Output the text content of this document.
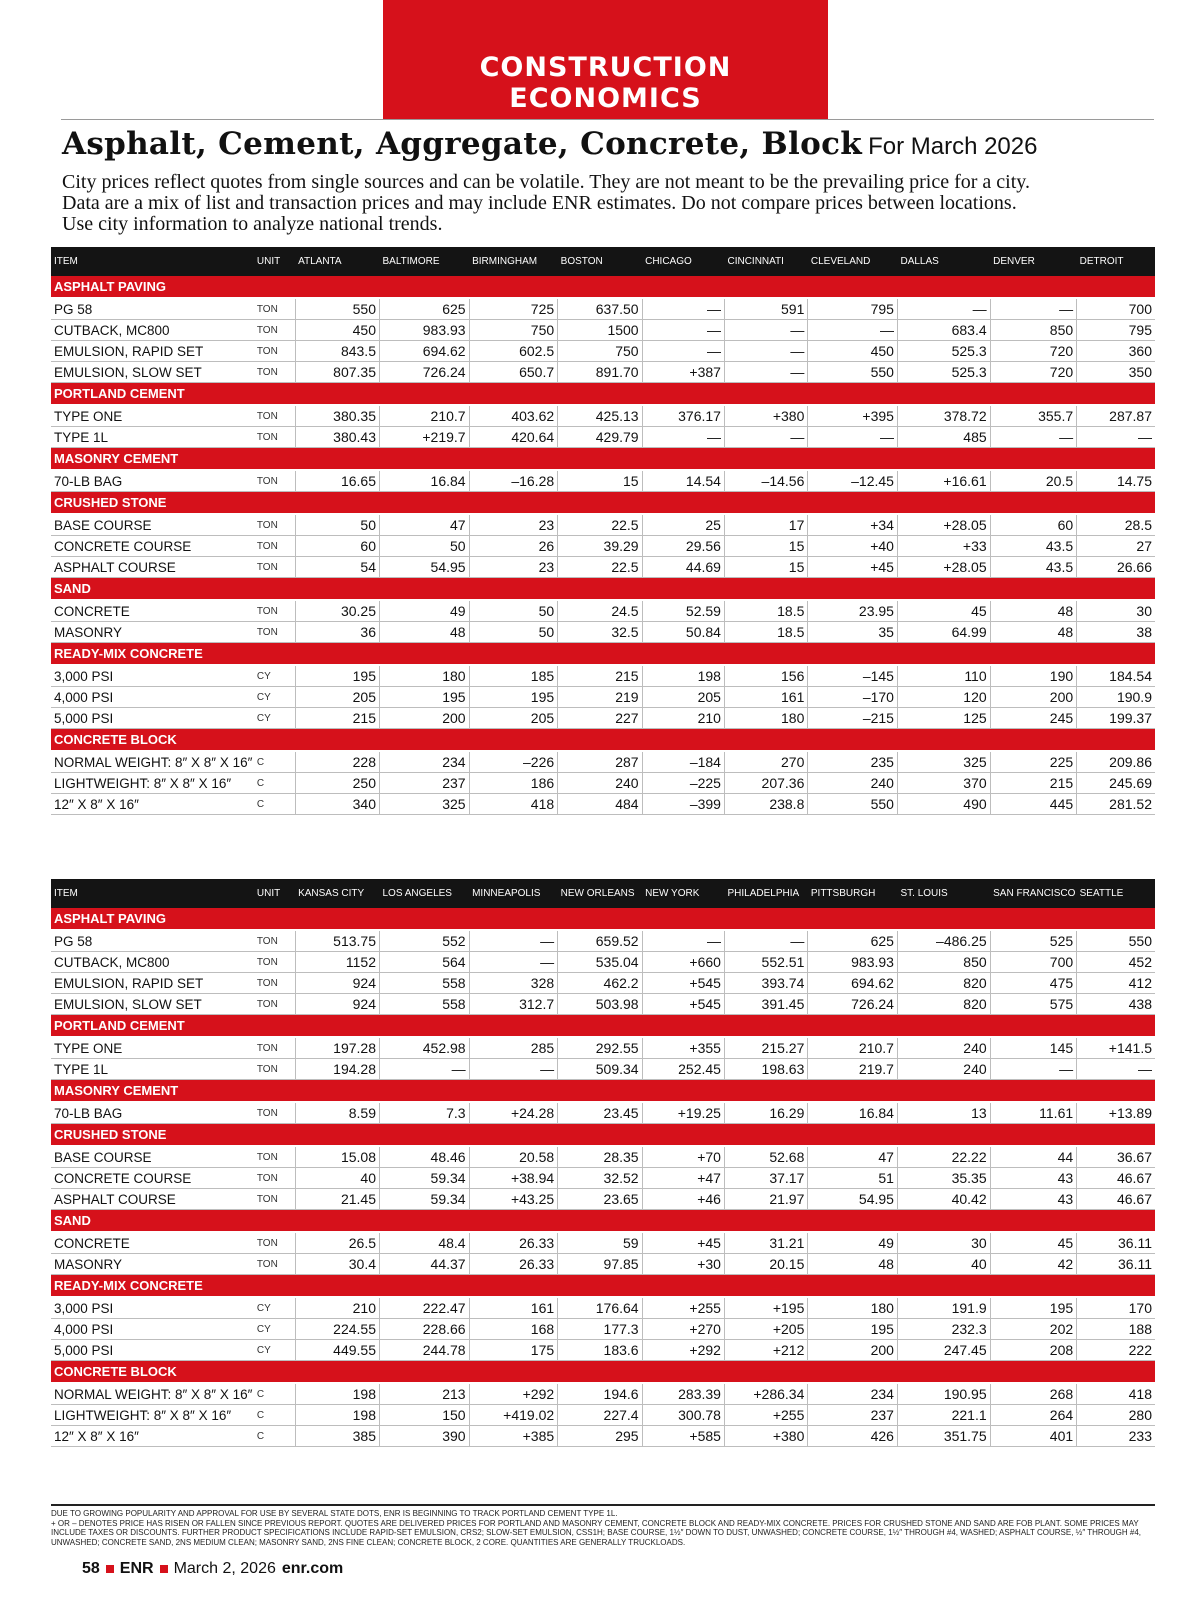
CONSTRUCTION ECONOMICS
Asphalt, Cement, Aggregate, Concrete, Block For March 2026
City prices reflect quotes from single sources and can be volatile. They are not meant to be the prevailing price for a city.
Data are a mix of list and transaction prices and may include ENR estimates. Do not compare prices between locations.
Use city information to analyze national trends.
ITEM	UNIT	ATLANTA	BALTIMORE	BIRMINGHAM	BOSTON	CHICAGO	CINCINNATI	CLEVELAND	DALLAS	DENVER	DETROIT
ASPHALT PAVING											
PG 58	TON	550	625	725	637.50	—	591	795	—	—	700
CUTBACK, MC800	TON	450	983.93	750	1500	—	—	—	683.4	850	795
EMULSION, RAPID SET	TON	843.5	694.62	602.5	750	—	—	450	525.3	720	360
EMULSION, SLOW SET	TON	807.35	726.24	650.7	891.70	+387	—	550	525.3	720	350
PORTLAND CEMENT											
TYPE ONE	TON	380.35	210.7	403.62	425.13	376.17	+380	+395	378.72	355.7	287.87
TYPE 1L	TON	380.43	+219.7	420.64	429.79	—	—	—	485	—	—
MASONRY CEMENT											
70-LB BAG	TON	16.65	16.84	–16.28	15	14.54	–14.56	–12.45	+16.61	20.5	14.75
CRUSHED STONE											
BASE COURSE	TON	50	47	23	22.5	25	17	+34	+28.05	60	28.5
CONCRETE COURSE	TON	60	50	26	39.29	29.56	15	+40	+33	43.5	27
ASPHALT COURSE	TON	54	54.95	23	22.5	44.69	15	+45	+28.05	43.5	26.66
SAND											
CONCRETE	TON	30.25	49	50	24.5	52.59	18.5	23.95	45	48	30
MASONRY	TON	36	48	50	32.5	50.84	18.5	35	64.99	48	38
READY-MIX CONCRETE											
3,000 PSI	CY	195	180	185	215	198	156	–145	110	190	184.54
4,000 PSI	CY	205	195	195	219	205	161	–170	120	200	190.9
5,000 PSI	CY	215	200	205	227	210	180	–215	125	245	199.37
CONCRETE BLOCK											
NORMAL WEIGHT: 8″ X 8″ X 16″	C	228	234	–226	287	–184	270	235	325	225	209.86
LIGHTWEIGHT: 8″ X 8″ X 16″	C	250	237	186	240	–225	207.36	240	370	215	245.69
12″ X 8″ X 16″	C	340	325	418	484	–399	238.8	550	490	445	281.52
ITEM	UNIT	KANSAS CITY	LOS ANGELES	MINNEAPOLIS	NEW ORLEANS	NEW YORK	PHILADELPHIA	PITTSBURGH	ST. LOUIS	SAN FRANCISCO	SEATTLE
ASPHALT PAVING											
PG 58	TON	513.75	552	—	659.52	—	—	625	–486.25	525	550
CUTBACK, MC800	TON	1152	564	—	535.04	+660	552.51	983.93	850	700	452
EMULSION, RAPID SET	TON	924	558	328	462.2	+545	393.74	694.62	820	475	412
EMULSION, SLOW SET	TON	924	558	312.7	503.98	+545	391.45	726.24	820	575	438
PORTLAND CEMENT											
TYPE ONE	TON	197.28	452.98	285	292.55	+355	215.27	210.7	240	145	+141.5
TYPE 1L	TON	194.28	—	—	509.34	252.45	198.63	219.7	240	—	—
MASONRY CEMENT											
70-LB BAG	TON	8.59	7.3	+24.28	23.45	+19.25	16.29	16.84	13	11.61	+13.89
CRUSHED STONE											
BASE COURSE	TON	15.08	48.46	20.58	28.35	+70	52.68	47	22.22	44	36.67
CONCRETE COURSE	TON	40	59.34	+38.94	32.52	+47	37.17	51	35.35	43	46.67
ASPHALT COURSE	TON	21.45	59.34	+43.25	23.65	+46	21.97	54.95	40.42	43	46.67
SAND											
CONCRETE	TON	26.5	48.4	26.33	59	+45	31.21	49	30	45	36.11
MASONRY	TON	30.4	44.37	26.33	97.85	+30	20.15	48	40	42	36.11
READY-MIX CONCRETE											
3,000 PSI	CY	210	222.47	161	176.64	+255	+195	180	191.9	195	170
4,000 PSI	CY	224.55	228.66	168	177.3	+270	+205	195	232.3	202	188
5,000 PSI	CY	449.55	244.78	175	183.6	+292	+212	200	247.45	208	222
CONCRETE BLOCK											
NORMAL WEIGHT: 8″ X 8″ X 16″	C	198	213	+292	194.6	283.39	+286.34	234	190.95	268	418
LIGHTWEIGHT: 8″ X 8″ X 16″	C	198	150	+419.02	227.4	300.78	+255	237	221.1	264	280
12″ X 8″ X 16″	C	385	390	+385	295	+585	+380	426	351.75	401	233
DUE TO GROWING POPULARITY AND APPROVAL FOR USE BY SEVERAL STATE DOTS, ENR IS BEGINNING TO TRACK PORTLAND CEMENT TYPE 1L.
+ OR – DENOTES PRICE HAS RISEN OR FALLEN SINCE PREVIOUS REPORT. QUOTES ARE DELIVERED PRICES FOR PORTLAND AND MASONRY CEMENT, CONCRETE BLOCK AND READY-MIX CONCRETE. PRICES FOR CRUSHED STONE AND SAND ARE FOB PLANT. SOME PRICES MAY INCLUDE TAXES OR DISCOUNTS. FURTHER PRODUCT SPECIFICATIONS INCLUDE RAPID-SET EMULSION, CRS2; SLOW-SET EMULSION, CSS1H; BASE COURSE, 1½″ DOWN TO DUST, UNWASHED; CONCRETE COURSE, 1½″ THROUGH #4, WASHED; ASPHALT COURSE, ½″ THROUGH #4, UNWASHED; CONCRETE SAND, 2NS MEDIUM CLEAN; MASONRY SAND, 2NS FINE CLEAN; CONCRETE BLOCK, 2 CORE. QUANTITIES ARE GENERALLY TRUCKLOADS.
58 ENR March 2, 2026 enr.com
